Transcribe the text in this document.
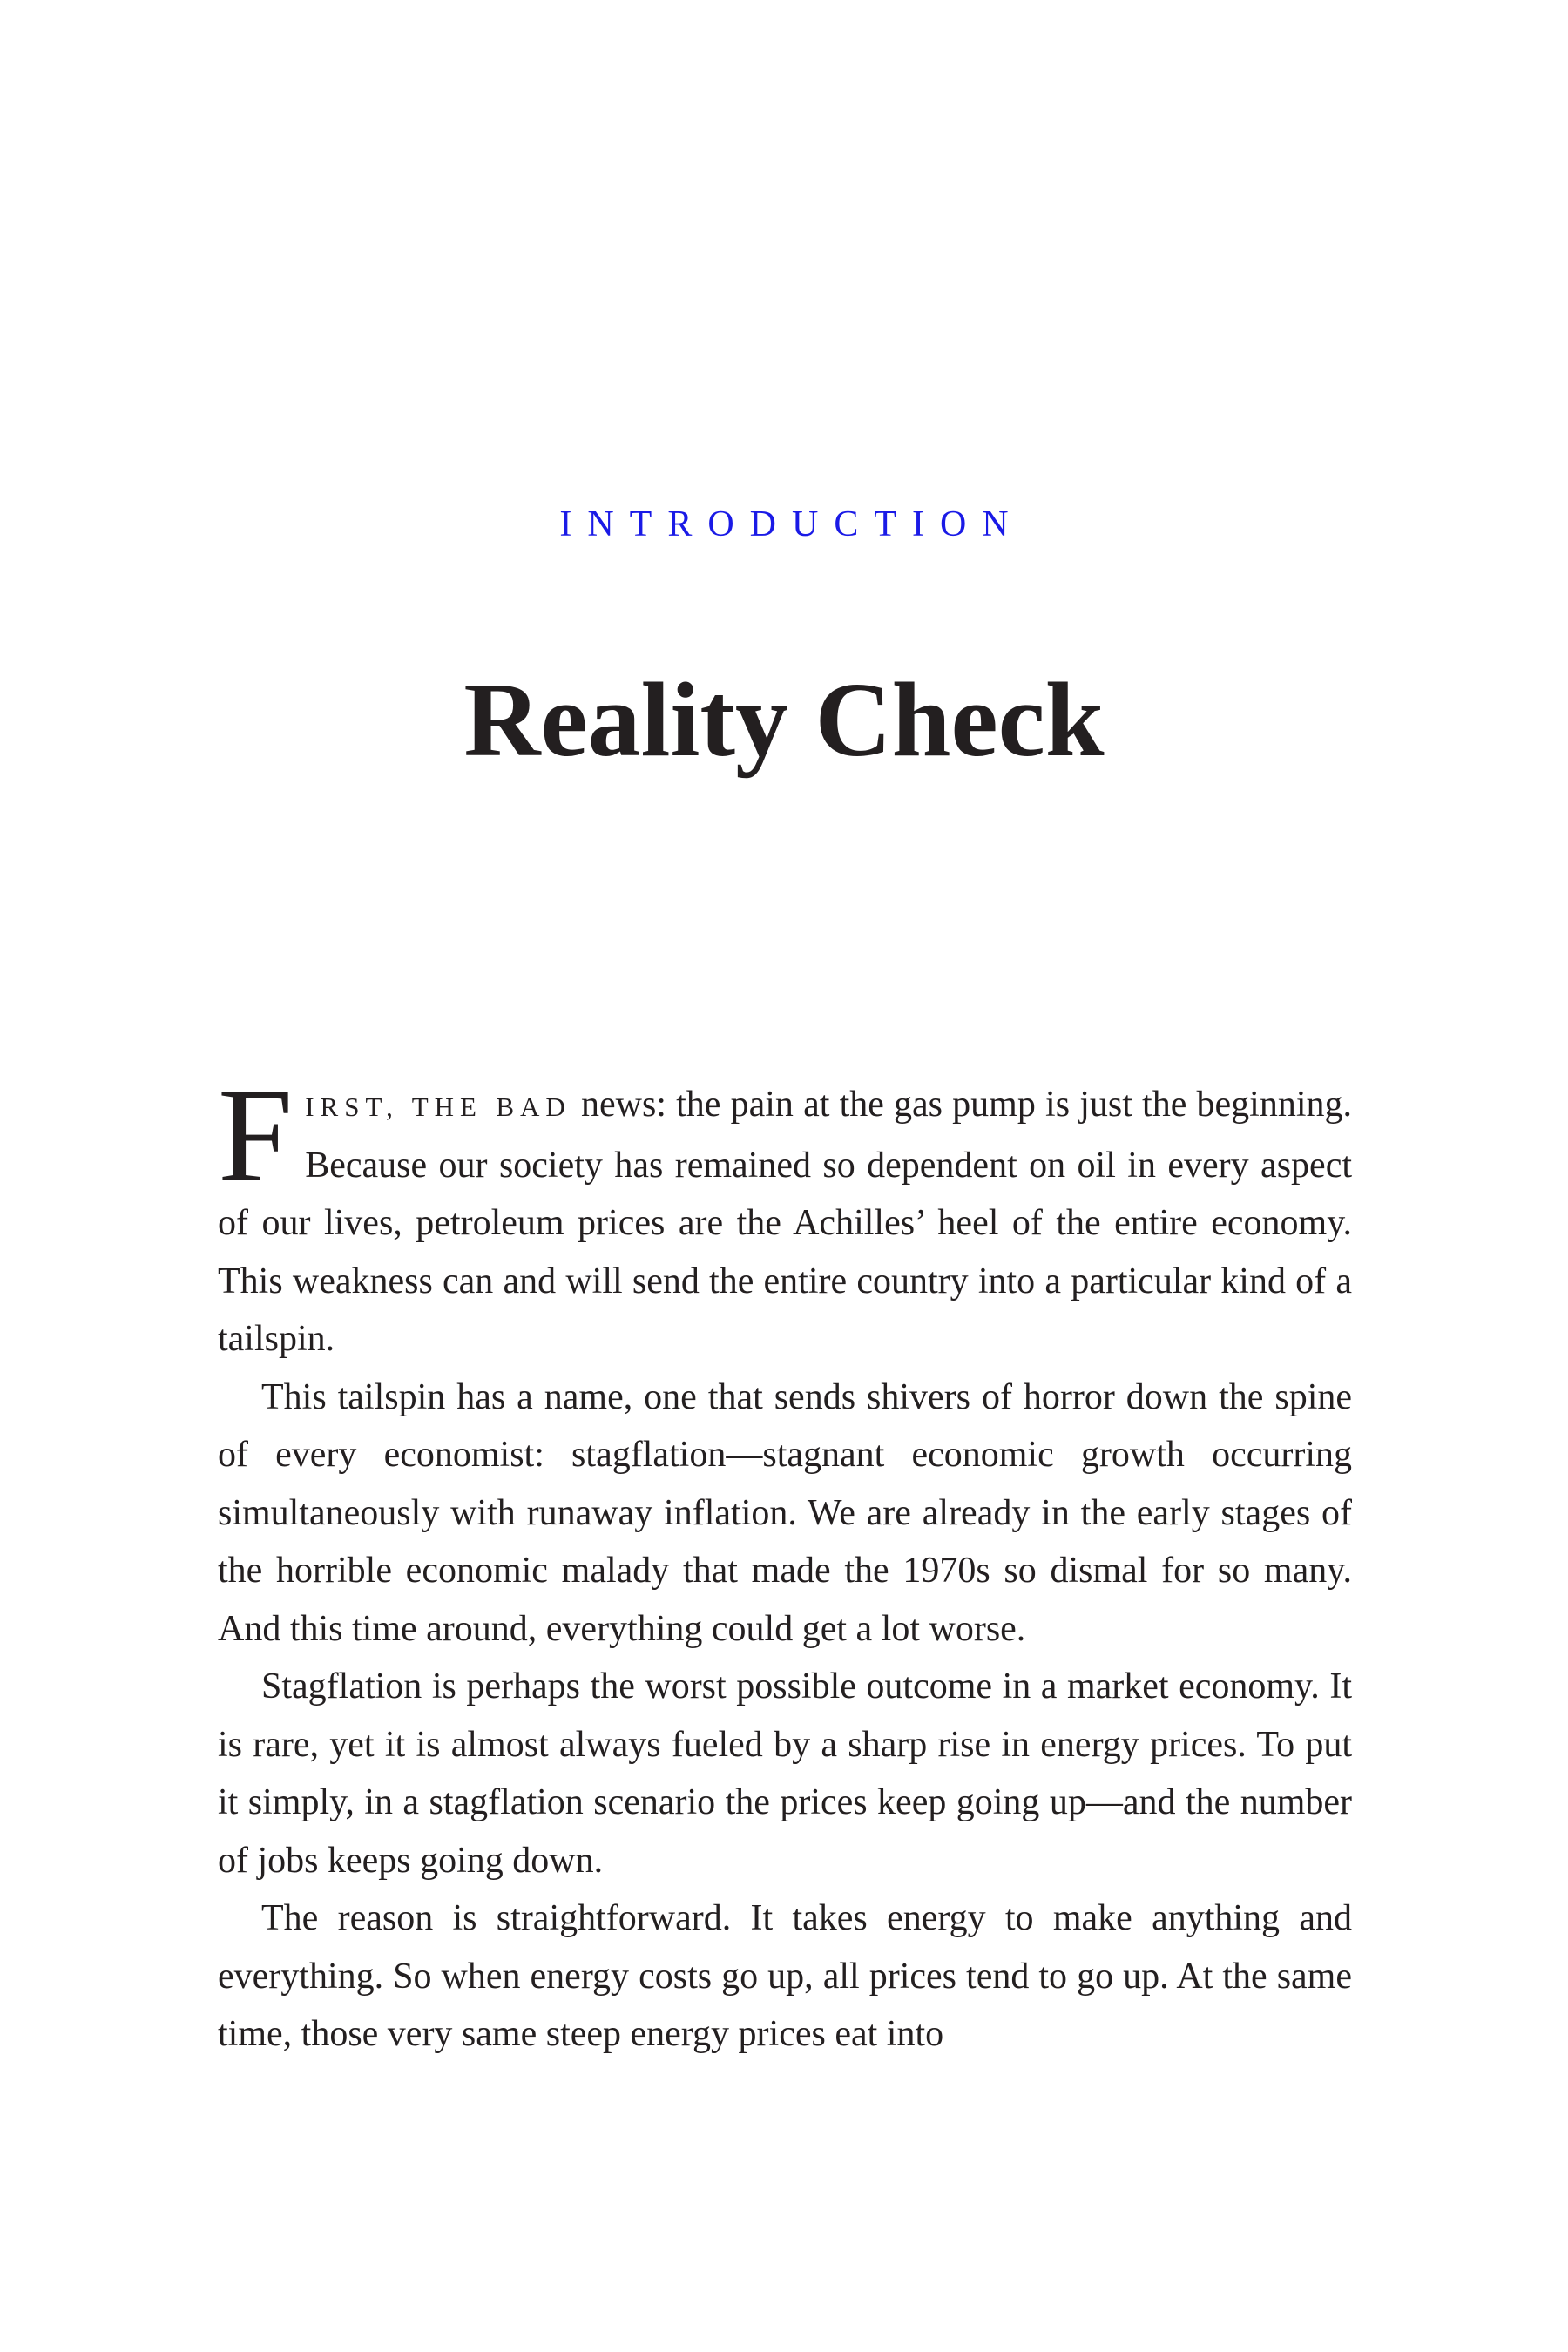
INTRODUCTION
Reality Check

FIRST, THE BAD news: the pain at the gas pump is just the beginning. Because our society has remained so dependent on oil in every aspect of our lives, petroleum prices are the Achilles’ heel of the entire economy. This weakness can and will send the entire country into a particular kind of a tailspin.

This tailspin has a name, one that sends shivers of horror down the spine of every economist: stagflation—stagnant economic growth occurring simultaneously with runaway inflation. We are already in the early stages of the horrible economic malady that made the 1970s so dismal for so many. And this time around, everything could get a lot worse.

Stagflation is perhaps the worst possible outcome in a market economy. It is rare, yet it is almost always fueled by a sharp rise in energy prices. To put it simply, in a stagflation scenario the prices keep going up—and the number of jobs keeps going down.

The reason is straightforward. It takes energy to make anything and everything. So when energy costs go up, all prices tend to go up. At the same time, those very same steep energy prices eat into
